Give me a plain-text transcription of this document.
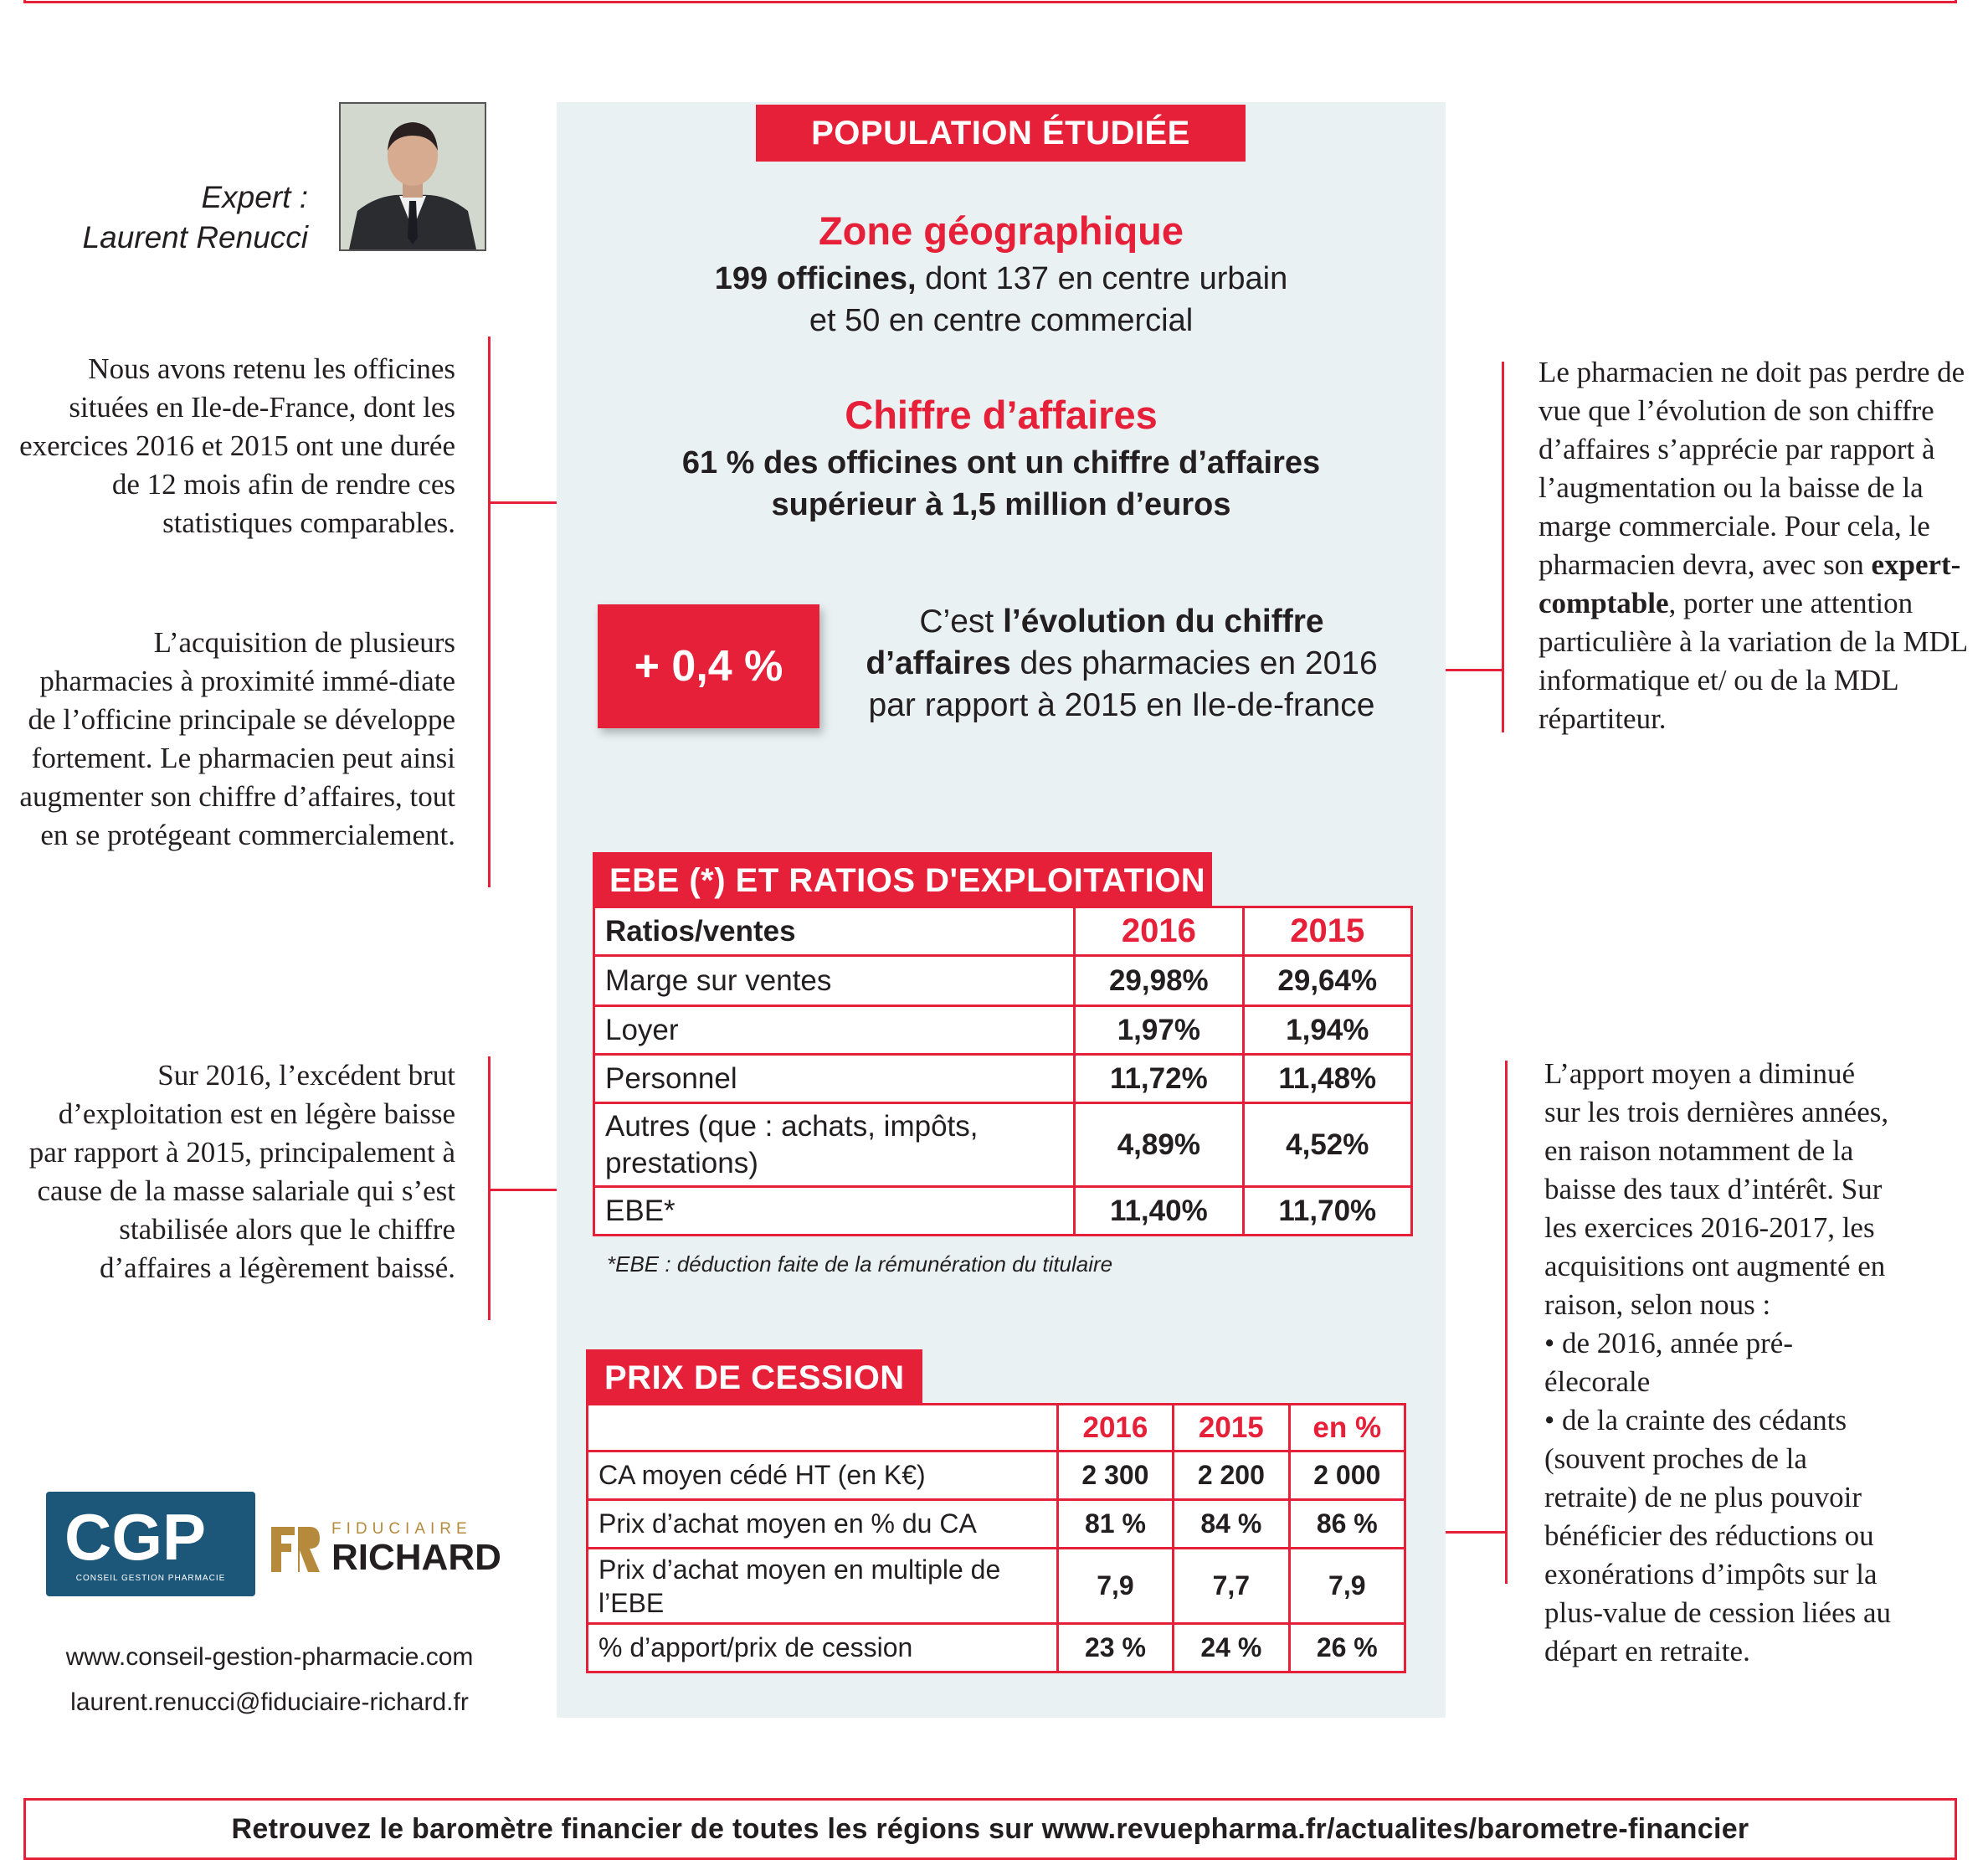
Expert :
Laurent Renucci
Nous avons retenu les officines situées en Ile-de-France, dont les exercices 2016 et 2015 ont une durée de 12 mois afin de rendre ces statistiques comparables.
L’acquisition de plusieurs pharmacies à proximité immé-diate de l’officine principale se développe fortement. Le pharmacien peut ainsi augmenter son chiffre d’affaires, tout en se protégeant commercialement.
Sur 2016, l’excédent brut d’exploitation est en légère baisse par rapport à 2015, principalement à cause de la masse salariale qui s’est stabilisée alors que le chiffre d’affaires a légèrement baissé.
Le pharmacien ne doit pas perdre de vue que l’évolution de son chiffre d’affaires s’apprécie par rapport à l’augmentation ou la baisse de la marge commerciale. Pour cela, le pharmacien devra, avec son expert-comptable, porter une attention particulière à la variation de la MDL informatique et/ ou de la MDL répartiteur.
L’apport moyen a diminué sur les trois dernières années, en raison notamment de la baisse des taux d’intérêt. Sur les exercices 2016-2017, les acquisitions ont augmenté en raison, selon nous :
• de 2016, année pré-élecorale
• de la crainte des cédants (souvent proches de la retraite) de ne plus pouvoir bénéficier des réductions ou exonérations d’impôts sur la plus-value de cession liées au départ en retraite.
POPULATION ÉTUDIÉE
Zone géographique
199 officines, dont 137 en centre urbain
et 50 en centre commercial
Chiffre d’affaires
61 % des officines ont un chiffre d’affaires
supérieur à 1,5 million d’euros
+ 0,4 %
C’est l’évolution du chiffre
d’affaires des pharmacies en 2016
par rapport à 2015 en Ile-de-france
EBE (*) ET RATIOS D'EXPLOITATION
Ratios/ventes	2016	2015
Marge sur ventes	29,98%	29,64%
Loyer	1,97%	1,94%
Personnel	11,72%	11,48%
Autres (que : achats, impôts, prestations)	4,89%	4,52%
EBE*	11,40%	11,70%
*EBE : déduction faite de la rémunération du titulaire
PRIX DE CESSION
	2016	2015	en %
CA moyen cédé HT (en K€)	2 300	2 200	2 000
Prix d’achat moyen en % du CA	81 %	84 %	86 %
Prix d’achat moyen en multiple de l’EBE	7,9	7,7	7,9
% d’apport/prix de cession	23 %	24 %	26 %
CGP
CONSEIL GESTION PHARMACIE
FIDUCIAIRE
RICHARD
www.conseil-gestion-pharmacie.com
laurent.renucci@fiduciaire-richard.fr
Retrouvez le baromètre financier de toutes les régions sur www.revuepharma.fr/actualites/barometre-financier
